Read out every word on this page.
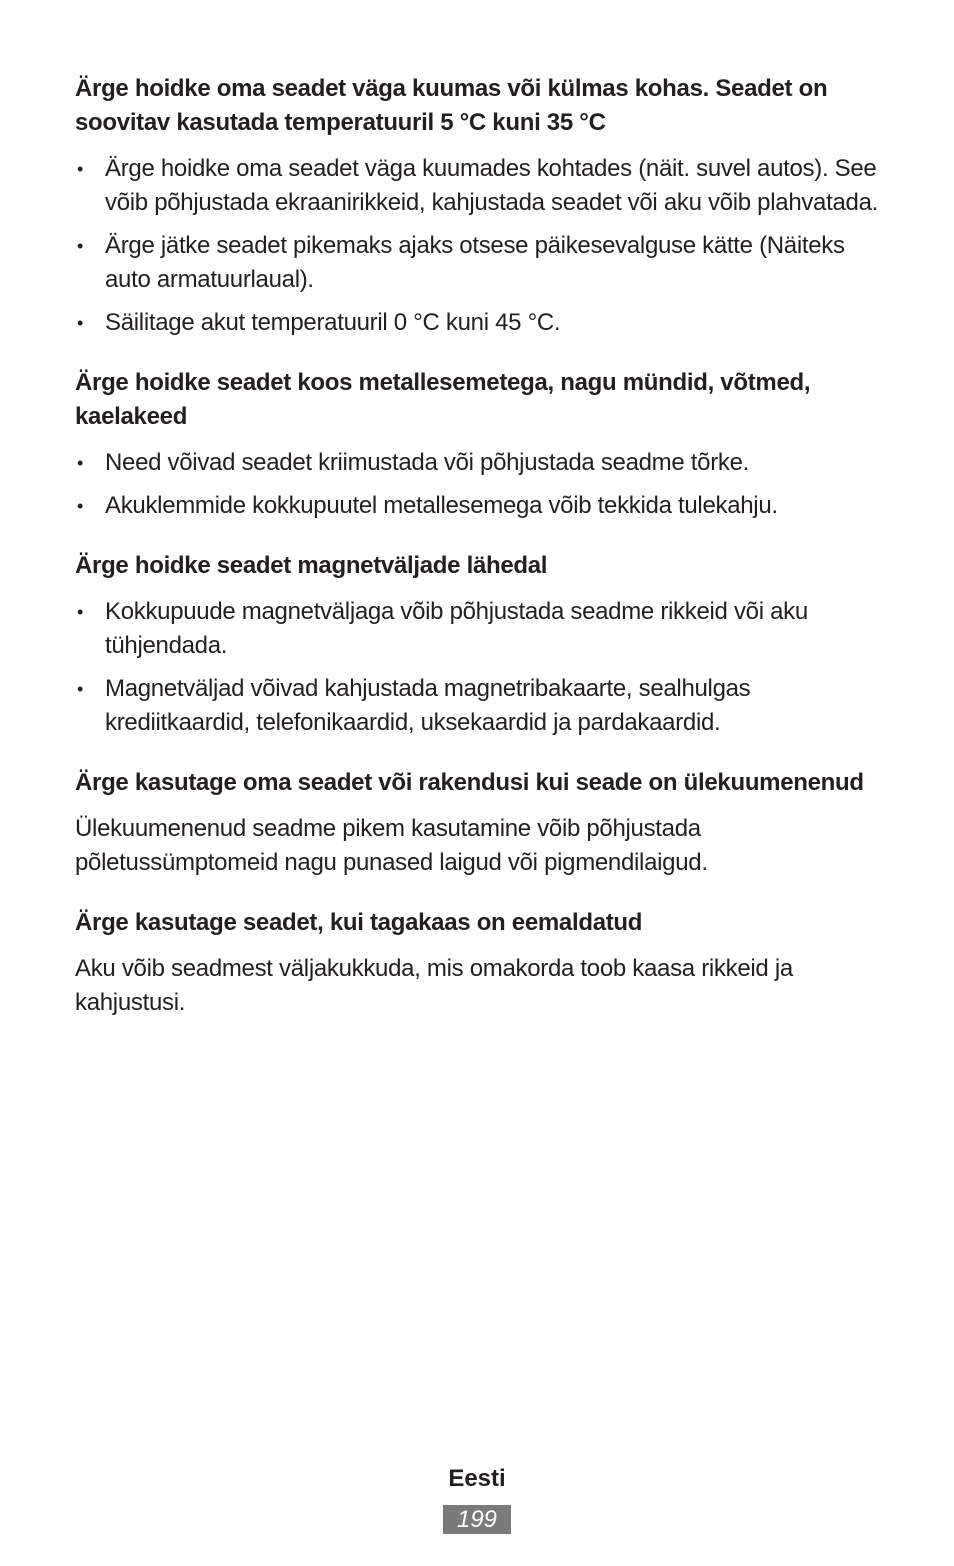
Ärge hoidke oma seadet väga kuumas või külmas kohas. Seadet on soovitav kasutada temperatuuril 5 °C kuni 35 °C
• Ärge hoidke oma seadet väga kuumades kohtades (näit. suvel autos). See võib põhjustada ekraanirikkeid, kahjustada seadet või aku võib plahvatada.
• Ärge jätke seadet pikemaks ajaks otsese päikesevalguse kätte (Näiteks auto armatuurlaual).
• Säilitage akut temperatuuril 0 °C kuni 45 °C.
Ärge hoidke seadet koos metallesemetega, nagu mündid, võtmed, kaelakeed
• Need võivad seadet kriimustada või põhjustada seadme tõrke.
• Akuklemmide kokkupuutel metallesemega võib tekkida tulekahju.
Ärge hoidke seadet magnetväljade lähedal
• Kokkupuude magnetväljaga võib põhjustada seadme rikkeid või aku tühjendada.
• Magnetväljad võivad kahjustada magnetribakaarte, sealhulgas krediitkaardid, telefonikaardid, uksekaardid ja pardakaardid.
Ärge kasutage oma seadet või rakendusi kui seade on ülekuumenenud

Ülekuumenenud seadme pikem kasutamine võib põhjustada põletussümptomeid nagu punased laigud või pigmendilaigud.

Ärge kasutage seadet, kui tagakaas on eemaldatud

Aku võib seadmest väljakukkuda, mis omakorda toob kaasa rikkeid ja kahjustusi.

Eesti
199
